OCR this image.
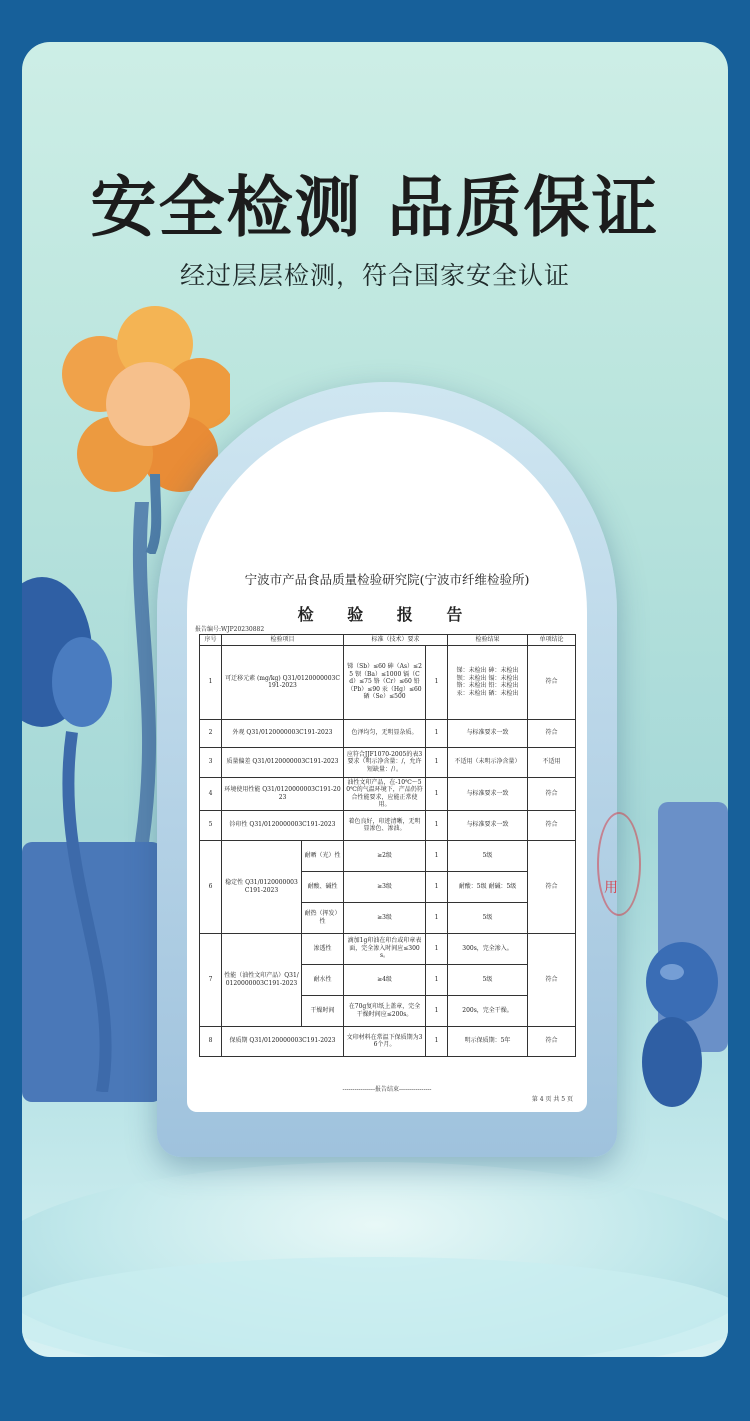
安全检测 品质保证
经过层层检测，符合国家安全认证
宁波市产品食品质量检验研究院(宁波市纤维检验所)
检 验 报 告
报告编号:WJP20230882
序号	检验项目		标准（技术）要求		检验结果	单项结论
1	可迁移元素 (mg/kg) Q31/0120000003C191-2023		锑（Sb）≤60 砷（As）≤25 钡（Ba）≤1000 镉（Cd）≤75 铬（Cr）≤60 铅（Pb）≤90 汞（Hg）≤60 硒（Se）≤500	1	锑：未检出 砷：未检出 钡：未检出 镉：未检出 铬：未检出 铅：未检出 汞：未检出 硒：未检出	符合
2	外观 Q31/0120000003C191-2023		色泽均匀，无明显杂质。	1	与标准要求一致	符合
3	质量偏差 Q31/0120000003C191-2023		应符合JJF1070-2005的表3要求（明示净含量：/，允许短缺量：/）。	1	不适用（未明示净含量）	不适用
4	环境使用性能 Q31/0120000003C191-2023		油性文印产品，在-10℃～50℃的气温环境下，产品仍符合性能要求，应能正常使用。	1	与标准要求一致	符合
5	钤印性 Q31/0120000003C191-2023		着色良好，印迹清晰，无明显渗色、渗油。	1	与标准要求一致	符合
6	稳定性 Q31/0120000003C191-2023	耐晒（光）性	≥2级	1	5级	符合
		耐酸、碱性	≥3级	1	耐酸：5级 耐碱：5级	
		耐热（挥发）性	≥3级	1	5级	
7	性能（油性文印产品）Q31/0120000003C191-2023	渗透性	滴加1g印油在印台或印章表面，完全渗入时间应≤300s。	1	300s，完全渗入。	符合
		耐水性	≥4级	1	5级	
		干燥时间	在70g复印纸上盖章，完全干燥时间应≤200s。	1	200s，完全干燥。	
8	保质期 Q31/0120000003C191-2023		文印材料在常温下保质期为36个月。	1	明示保质期：5年	符合
----------------报告结束----------------
第 4 页 共 5 页
用
